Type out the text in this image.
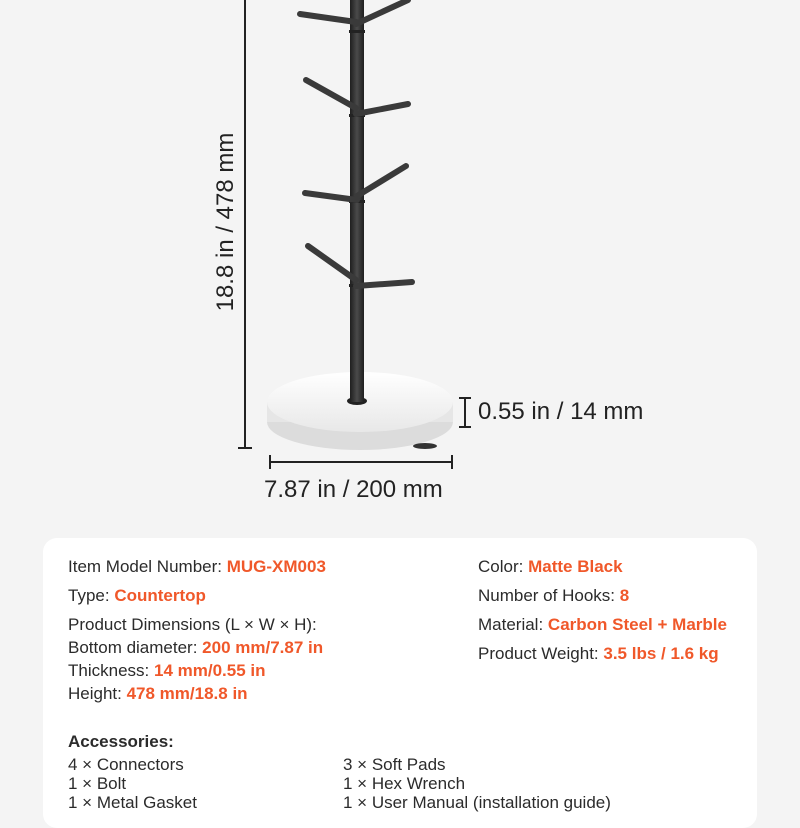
18.8 in / 478 mm
0.55 in / 14 mm
7.87 in / 200 mm
Item Model Number: MUG-XM003
Type: Countertop
Product Dimensions (L × W × H):
Bottom diameter: 200 mm/7.87 in
Thickness: 14 mm/0.55 in
Height: 478 mm/18.8 in
Color: Matte Black
Number of Hooks: 8
Material: Carbon Steel + Marble
Product Weight: 3.5 lbs / 1.6 kg
Accessories:
4 × Connectors
1 × Bolt
1 × Metal Gasket
3 × Soft Pads
1 × Hex Wrench
1 × User Manual (installation guide)
